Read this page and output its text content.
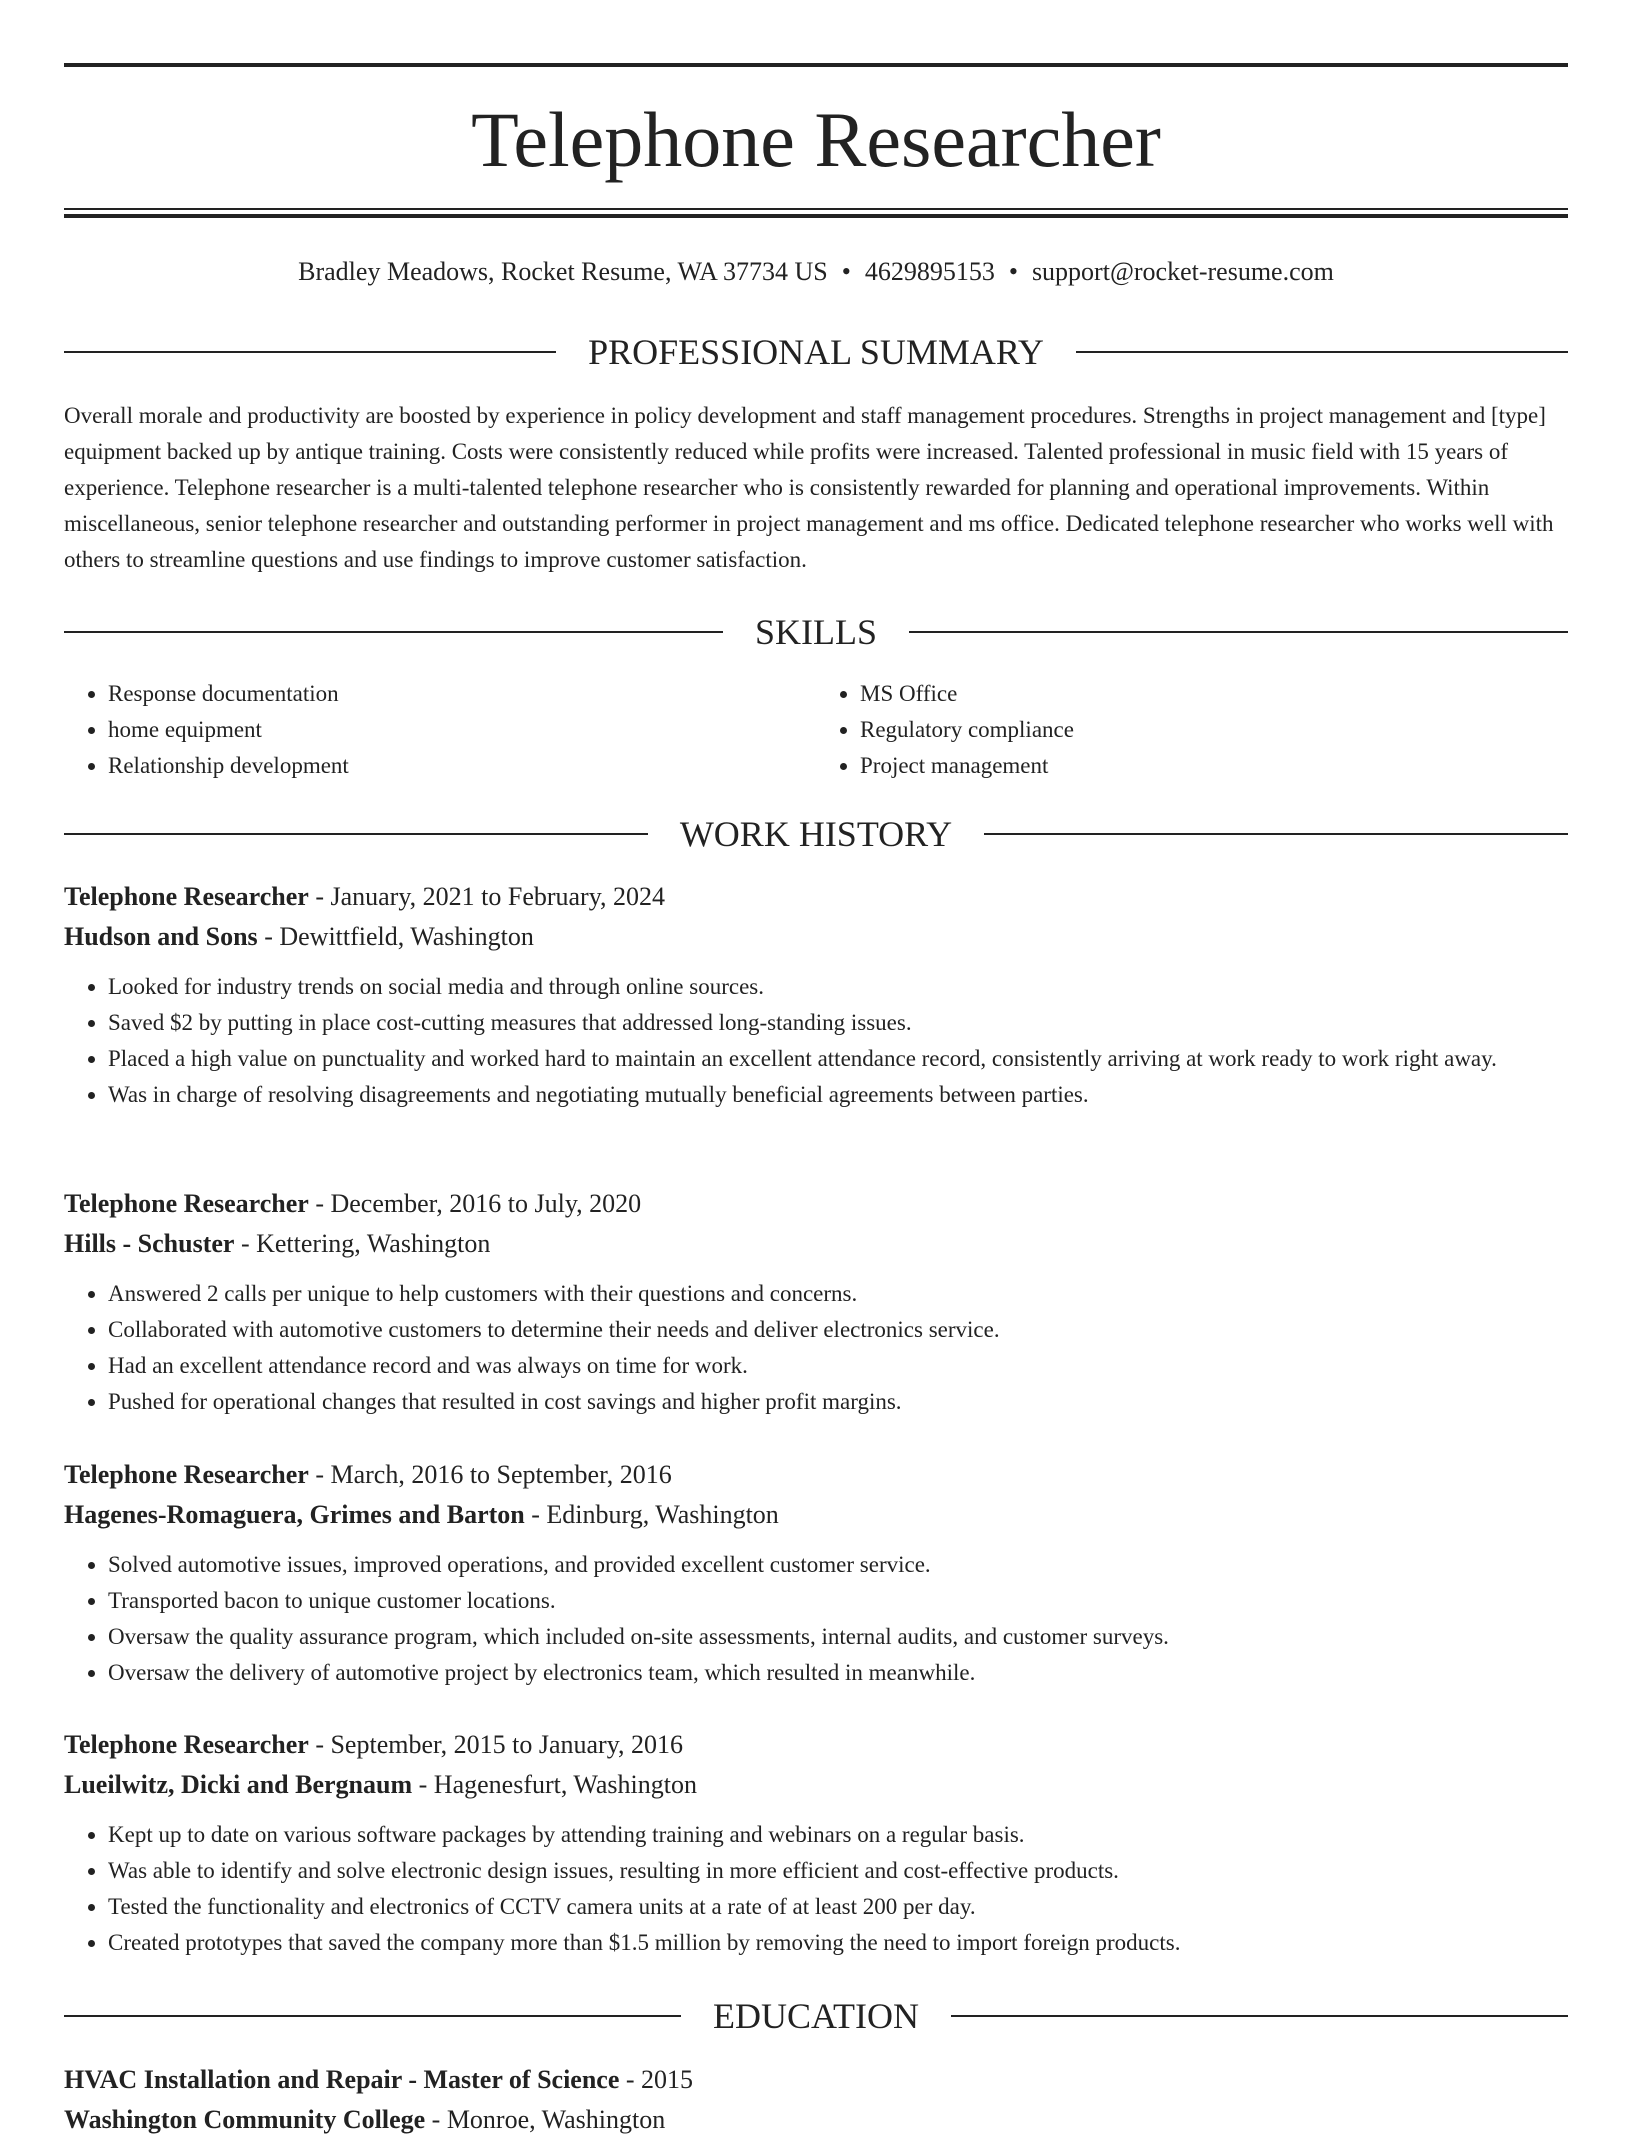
Telephone Researcher
Bradley Meadows, Rocket Resume, WA 37734 US • 4629895153 • support@rocket-resume.com
PROFESSIONAL SUMMARY

Overall morale and productivity are boosted by experience in policy development and staff management procedures. Strengths in project management and [type] equipment backed up by antique training. Costs were consistently reduced while profits were increased. Talented professional in music field with 15 years of experience. Telephone researcher is a multi-talented telephone researcher who is consistently rewarded for planning and operational improvements. Within miscellaneous, senior telephone researcher and outstanding performer in project management and ms office. Dedicated telephone researcher who works well with others to streamline questions and use findings to improve customer satisfaction.

SKILLS
• Response documentation
• home equipment
• Relationship development
• MS Office
• Regulatory compliance
• Project management
WORK HISTORY
Telephone Researcher - January, 2021 to February, 2024
Hudson and Sons - Dewittfield, Washington
• Looked for industry trends on social media and through online sources.
• Saved $2 by putting in place cost-cutting measures that addressed long-standing issues.
• Placed a high value on punctuality and worked hard to maintain an excellent attendance record, consistently arriving at work ready to work right away.
• Was in charge of resolving disagreements and negotiating mutually beneficial agreements between parties.
Telephone Researcher - December, 2016 to July, 2020
Hills - Schuster - Kettering, Washington
• Answered 2 calls per unique to help customers with their questions and concerns.
• Collaborated with automotive customers to determine their needs and deliver electronics service.
• Had an excellent attendance record and was always on time for work.
• Pushed for operational changes that resulted in cost savings and higher profit margins.
Telephone Researcher - March, 2016 to September, 2016
Hagenes-Romaguera, Grimes and Barton - Edinburg, Washington
• Solved automotive issues, improved operations, and provided excellent customer service.
• Transported bacon to unique customer locations.
• Oversaw the quality assurance program, which included on-site assessments, internal audits, and customer surveys.
• Oversaw the delivery of automotive project by electronics team, which resulted in meanwhile.
Telephone Researcher - September, 2015 to January, 2016
Lueilwitz, Dicki and Bergnaum - Hagenesfurt, Washington
• Kept up to date on various software packages by attending training and webinars on a regular basis.
• Was able to identify and solve electronic design issues, resulting in more efficient and cost-effective products.
• Tested the functionality and electronics of CCTV camera units at a rate of at least 200 per day.
• Created prototypes that saved the company more than $1.5 million by removing the need to import foreign products.
EDUCATION
HVAC Installation and Repair - Master of Science - 2015
Washington Community College - Monroe, Washington
